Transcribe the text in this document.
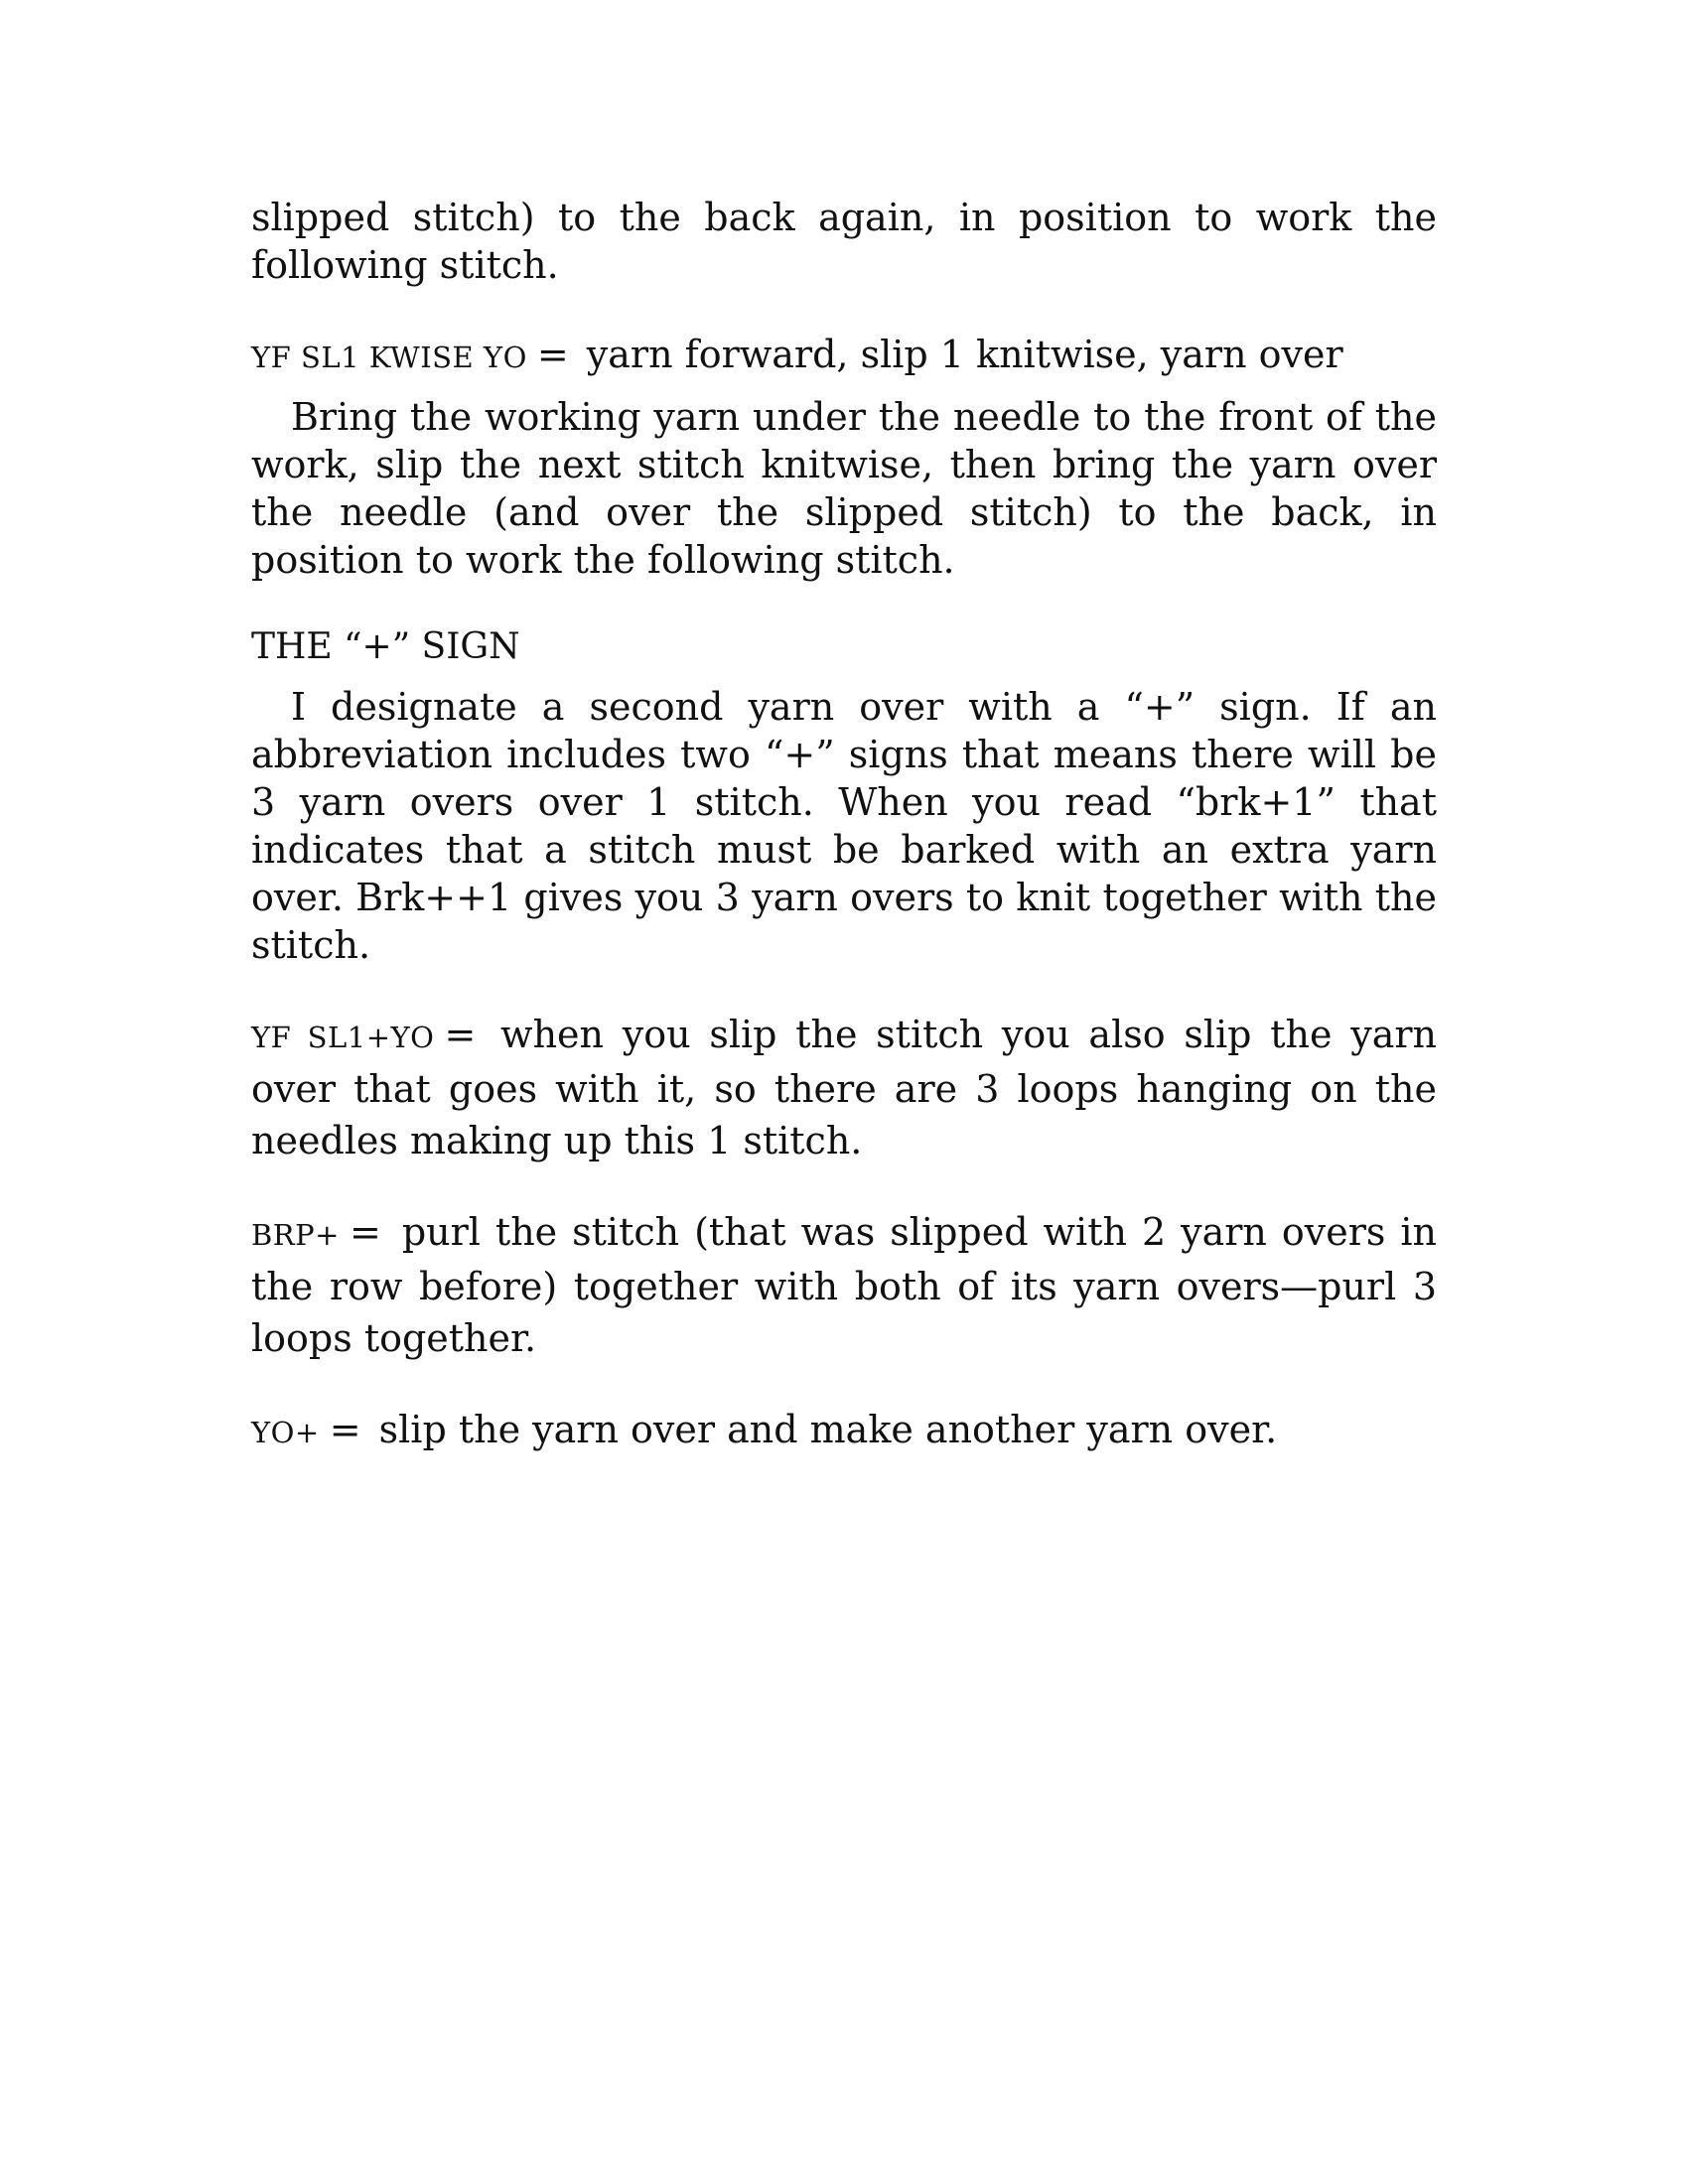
slipped stitch) to the back again, in position to work the following stitch.

YF SL1 KWISE YO = yarn forward, slip 1 knitwise, yarn over

Bring the working yarn under the needle to the front of the work, slip the next stitch knitwise, then bring the yarn over the needle (and over the slipped stitch) to the back, in position to work the following stitch.

THE “+” SIGN

I designate a second yarn over with a “+” sign. If an abbreviation includes two “+” signs that means there will be 3 yarn overs over 1 stitch. When you read “brk+1” that indicates that a stitch must be barked with an extra yarn over. Brk++1 gives you 3 yarn overs to knit together with the stitch.

YF SL1+YO = when you slip the stitch you also slip the yarn over that goes with it, so there are 3 loops hanging on the needles making up this 1 stitch.

BRP+ = purl the stitch (that was slipped with 2 yarn overs in the row before) together with both of its yarn overs—purl 3 loops together.

YO+ = slip the yarn over and make another yarn over.
